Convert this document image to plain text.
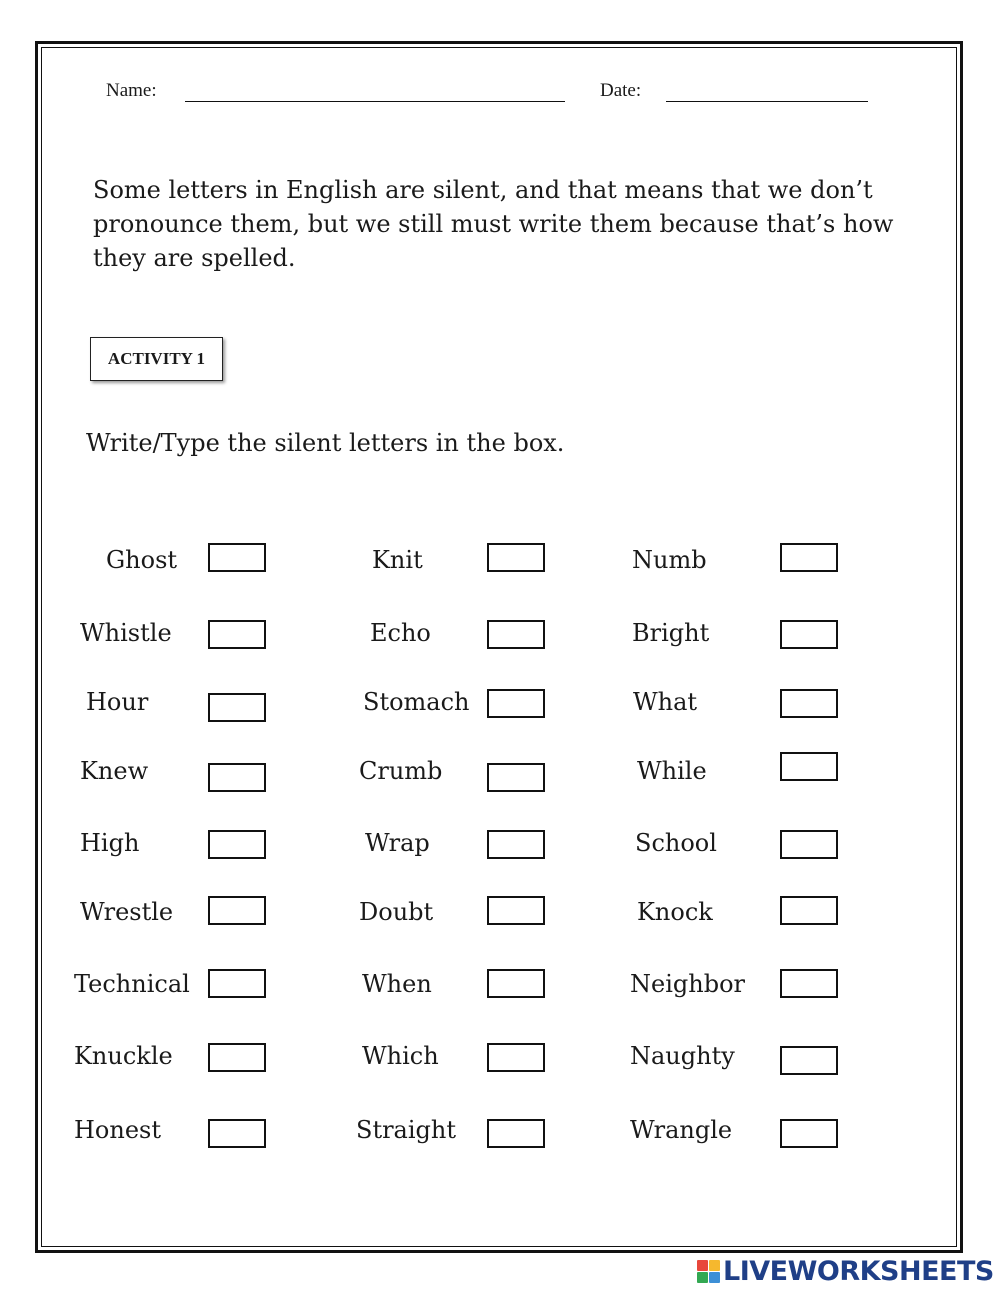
Name:	Date:
Some letters in English are silent, and that means that we don’t pronounce them, but we still must write them because that’s how they are spelled.
ACTIVITY 1
Write/Type the silent letters in the box.
Ghost	Knit	Numb
Whistle	Echo	Bright
Hour	Stomach	What
Knew	Crumb	While
High	Wrap	School
Wrestle	Doubt	Knock
Technical	When	Neighbor
Knuckle	Which	Naughty
Honest	Straight	Wrangle
LIVEWORKSHEETS
